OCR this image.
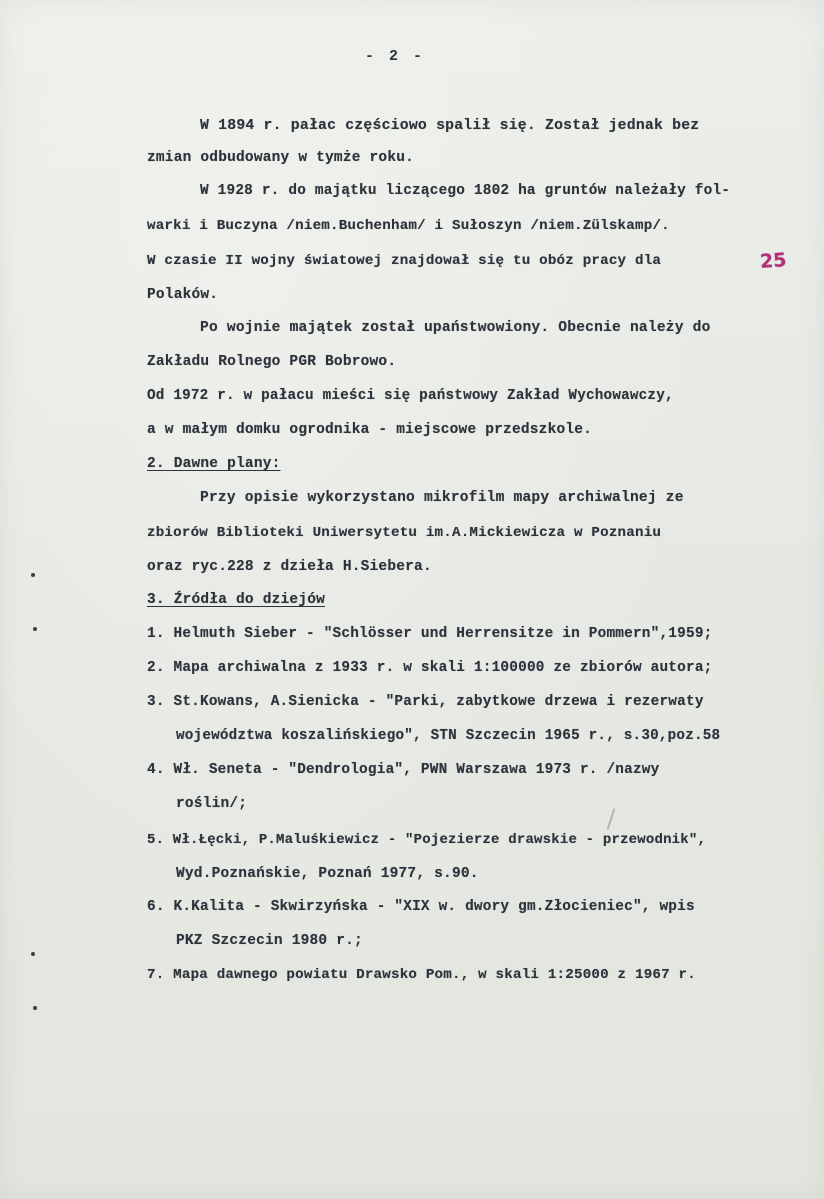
- 2 -
W 1894 r. pałac częściowo spalił się. Został jednak bez
zmian odbudowany w tymże roku.
W 1928 r. do majątku liczącego 1802 ha gruntów należały fol-
warki i Buczyna /niem.Buchenham/ i Sułoszyn /niem.Zülskamp/.
W czasie II wojny światowej znajdował się tu obóz pracy dla	25
Polaków.
Po wojnie majątek został upaństwowiony. Obecnie należy do
Zakładu Rolnego PGR Bobrowo.
Od 1972 r. w pałacu mieści się państwowy Zakład Wychowawczy,
a w małym domku ogrodnika - miejscowe przedszkole.
2. Dawne plany:
Przy opisie wykorzystano mikrofilm mapy archiwalnej ze
zbiorów Biblioteki Uniwersytetu im.A.Mickiewicza w Poznaniu
oraz ryc.228 z dzieła H.Siebera.
3. Źródła do dziejów
1. Helmuth Sieber - "Schlösser und Herrensitze in Pommern",1959;
2. Mapa archiwalna z 1933 r. w skali 1:100000 ze zbiorów autora;
3. St.Kowans, A.Sienicka - "Parki, zabytkowe drzewa i rezerwaty
województwa koszalińskiego", STN Szczecin 1965 r., s.30,poz.58
4. Wł. Seneta - "Dendrologia", PWN Warszawa 1973 r. /nazwy
roślin/;
5. Wł.Łęcki, P.Maluśkiewicz - "Pojezierze drawskie - przewodnik",
Wyd.Poznańskie, Poznań 1977, s.90.
6. K.Kalita - Skwirzyńska - "XIX w. dwory gm.Złocieniec", wpis
PKZ Szczecin 1980 r.;
7. Mapa dawnego powiatu Drawsko Pom., w skali 1:25000 z 1967 r.
